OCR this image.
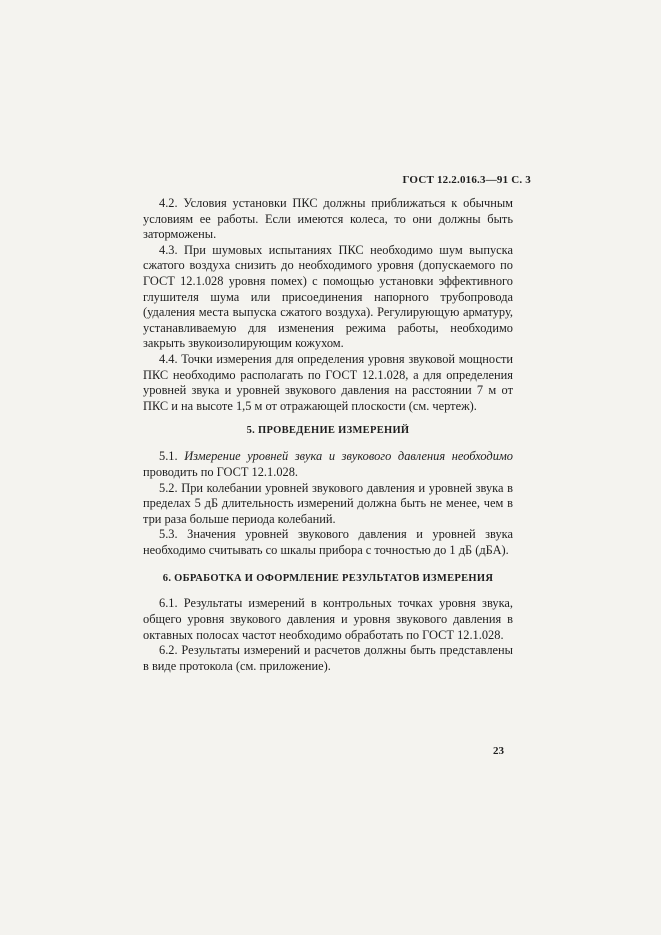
ГОСТ 12.2.016.3—91 С. 3

4.2. Условия установки ПКС должны приближаться к обычным условиям ее работы. Если имеются колеса, то они должны быть заторможены.

4.3. При шумовых испытаниях ПКС необходимо шум выпуска сжатого воздуха снизить до необходимого уровня (допускаемого по ГОСТ 12.1.028 уровня помех) с помощью установки эффективного глушителя шума или присоединения напорного трубопровода (удаления места выпуска сжатого воздуха). Регулирующую арматуру, устанавливаемую для изменения режима работы, необходимо закрыть звукоизолирующим кожухом.

4.4. Точки измерения для определения уровня звуковой мощности ПКС необходимо располагать по ГОСТ 12.1.028, а для определения уровней звука и уровней звукового давления на расстоянии 7 м от ПКС и на высоте 1,5 м от отражающей плоскости (см. чертеж).

5. ПРОВЕДЕНИЕ ИЗМЕРЕНИЙ

5.1. Измерение уровней звука и звукового давления необходимо проводить по ГОСТ 12.1.028.

5.2. При колебании уровней звукового давления и уровней звука в пределах 5 дБ длительность измерений должна быть не менее, чем в три раза больше периода колебаний.

5.3. Значения уровней звукового давления и уровней звука необходимо считывать со шкалы прибора с точностью до 1 дБ (дБА).

6. ОБРАБОТКА И ОФОРМЛЕНИЕ РЕЗУЛЬТАТОВ ИЗМЕРЕНИЯ

6.1. Результаты измерений в контрольных точках уровня звука, общего уровня звукового давления и уровня звукового давления в октавных полосах частот необходимо обработать по ГОСТ 12.1.028.

6.2. Результаты измерений и расчетов должны быть представлены в виде протокола (см. приложение).

23
